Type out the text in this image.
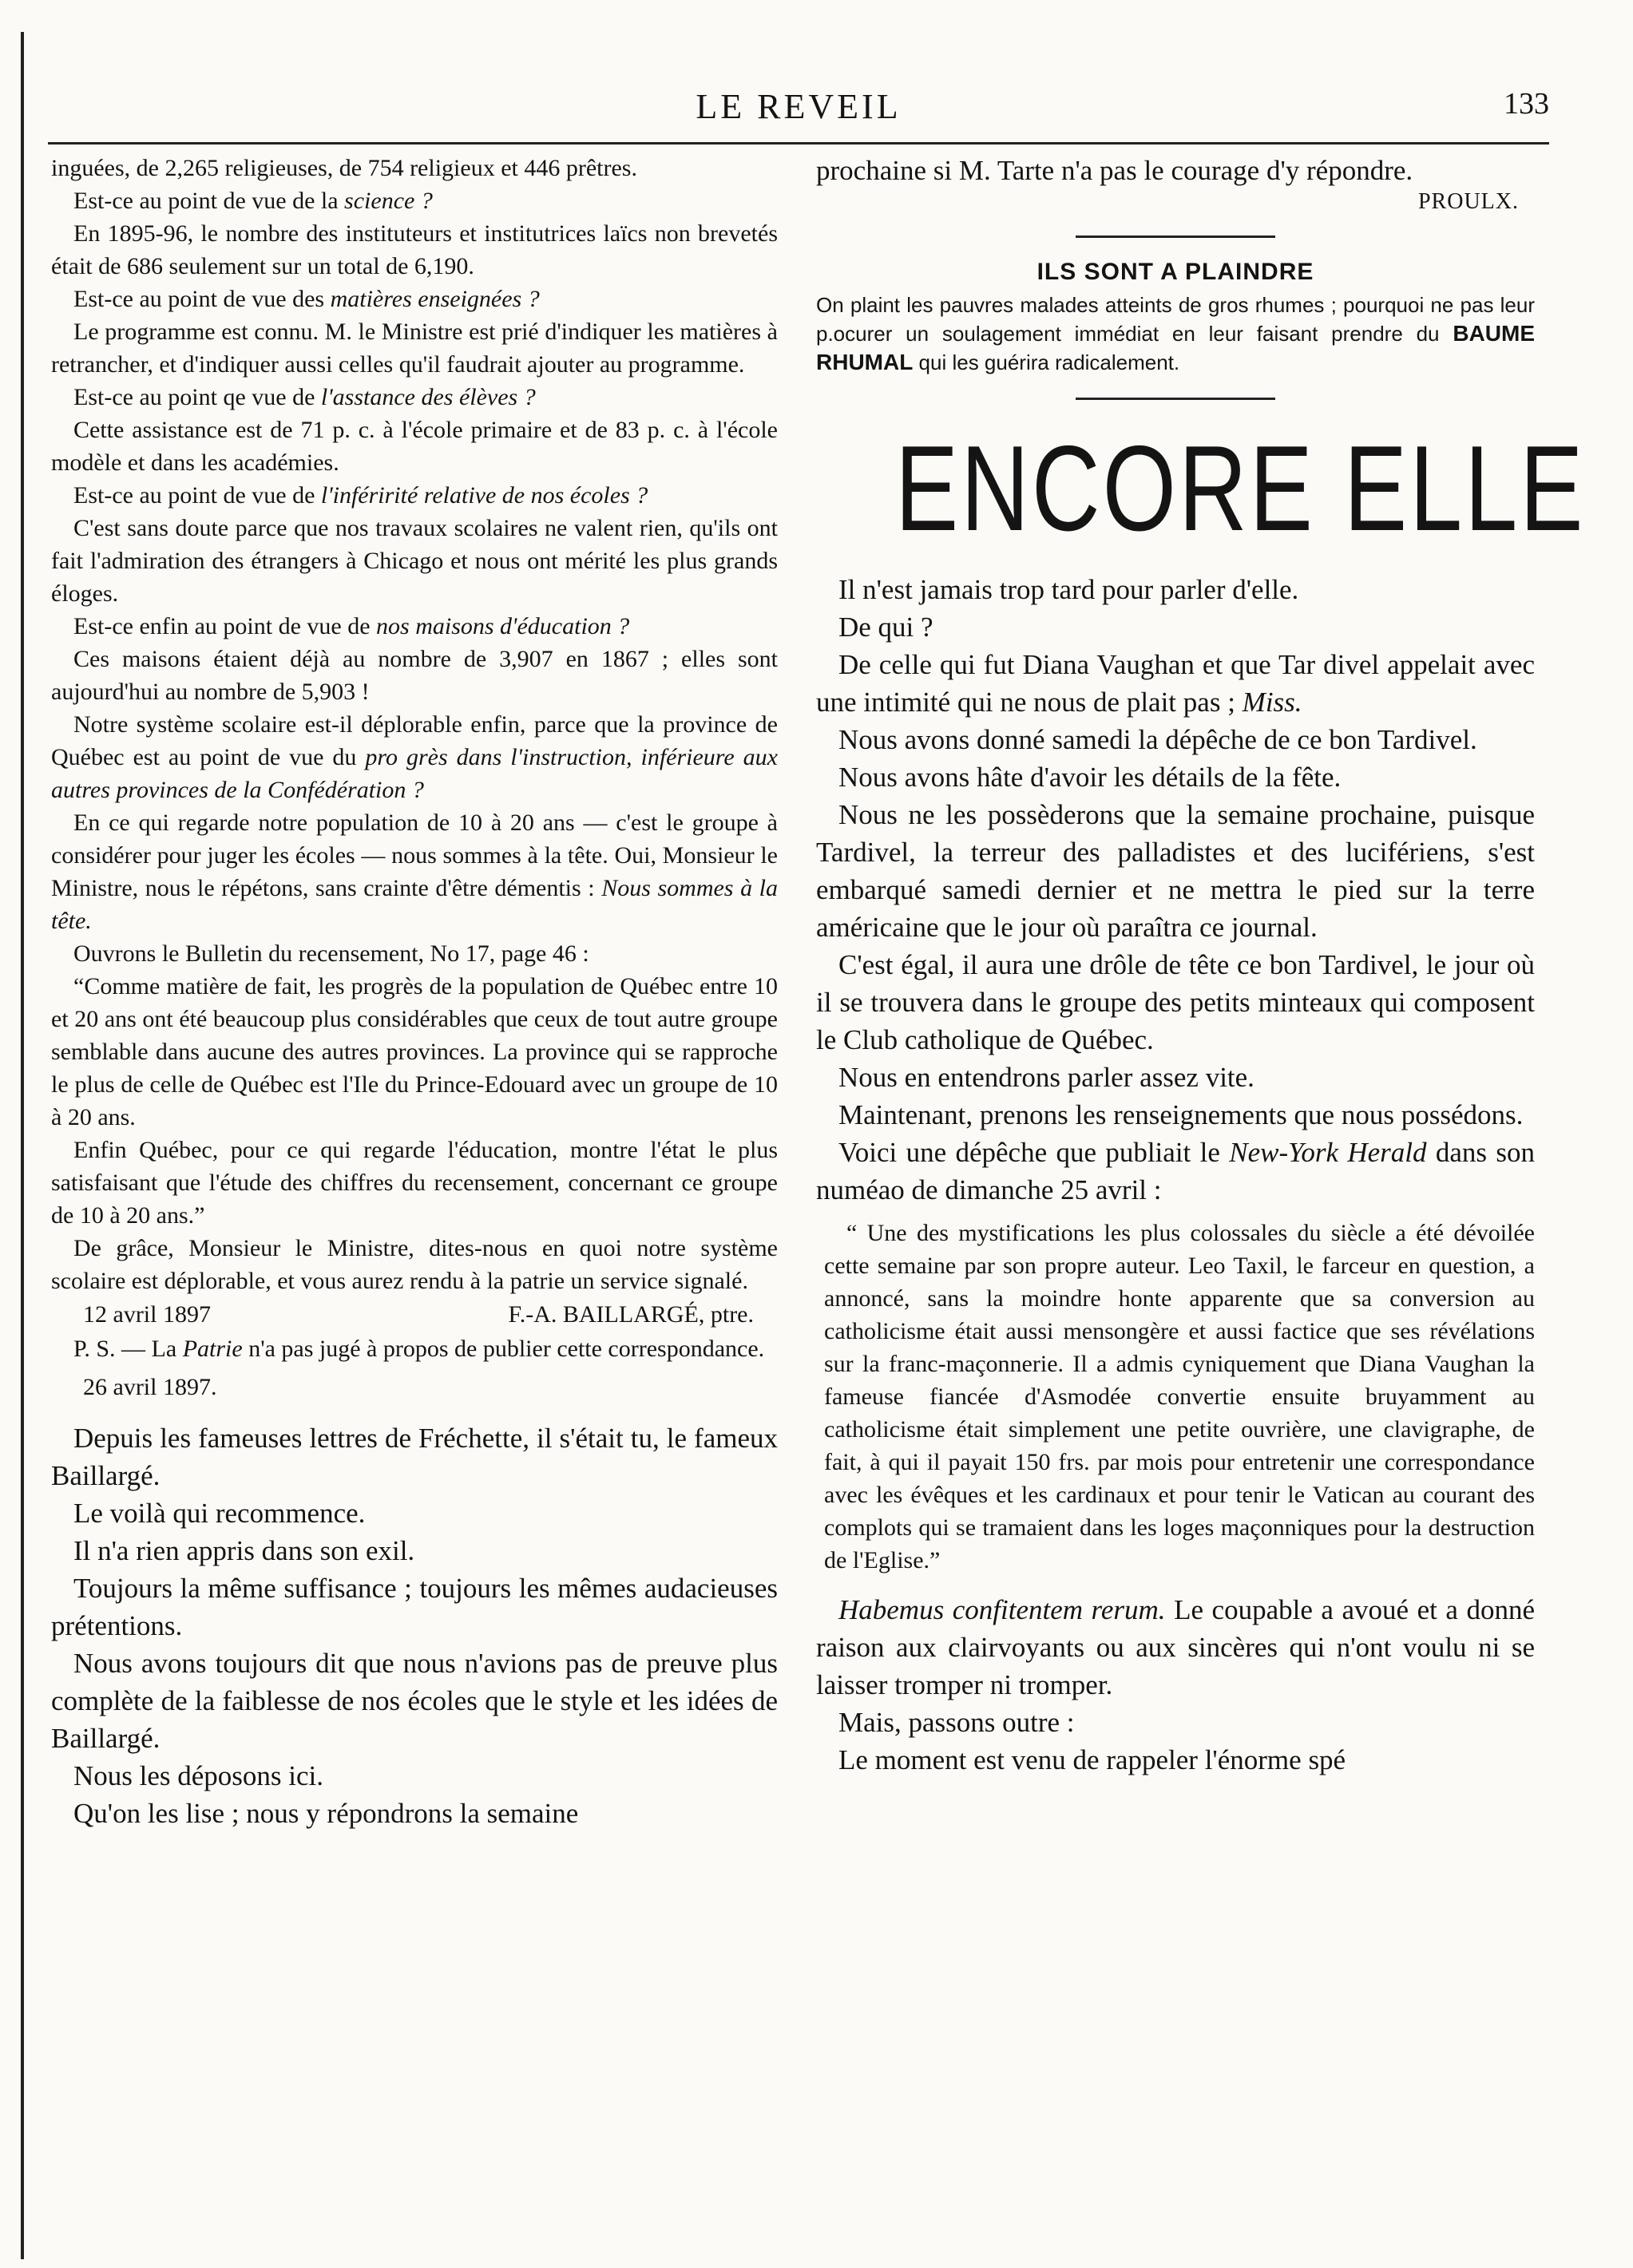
LE REVEIL	133

inguées, de 2,265 religieuses, de 754 religieux et 446 prêtres.

Est-ce au point de vue de la science ?

En 1895-96, le nombre des instituteurs et institutrices laïcs non brevetés était de 686 seulement sur un total de 6,190.

Est-ce au point de vue des matières enseignées ?

Le programme est connu. M. le Ministre est prié d'indiquer les matières à retrancher, et d'indiquer aussi celles qu'il faudrait ajouter au programme.

Est-ce au point qe vue de l'asstance des élèves ?

Cette assistance est de 71 p. c. à l'école primaire et de 83 p. c. à l'école modèle et dans les académies.

Est-ce au point de vue de l'inféririté relative de nos écoles ?

C'est sans doute parce que nos travaux scolaires ne valent rien, qu'ils ont fait l'admiration des étrangers à Chicago et nous ont mérité les plus grands éloges.

Est-ce enfin au point de vue de nos maisons d'éducation ?

Ces maisons étaient déjà au nombre de 3,907 en 1867 ; elles sont aujourd'hui au nombre de 5,903 !

Notre système scolaire est-il déplorable enfin, parce que la province de Québec est au point de vue du pro grès dans l'instruction, inférieure aux autres provinces de la Confédération ?

En ce qui regarde notre population de 10 à 20 ans — c'est le groupe à considérer pour juger les écoles — nous sommes à la tête. Oui, Monsieur le Ministre, nous le répétons, sans crainte d'être démentis : Nous sommes à la tête.

Ouvrons le Bulletin du recensement, No 17, page 46 :

“Comme matière de fait, les progrès de la population de Québec entre 10 et 20 ans ont été beaucoup plus considérables que ceux de tout autre groupe semblable dans aucune des autres provinces. La province qui se rapproche le plus de celle de Québec est l'Ile du Prince-Edouard avec un groupe de 10 à 20 ans.

Enfin Québec, pour ce qui regarde l'éducation, montre l'état le plus satisfaisant que l'étude des chiffres du recensement, concernant ce groupe de 10 à 20 ans.”

De grâce, Monsieur le Ministre, dites-nous en quoi notre système scolaire est déplorable, et vous aurez rendu à la patrie un service signalé.

12 avril 1897	F.-A. BAILLARGÉ, ptre.

P. S. — La Patrie n'a pas jugé à propos de publier cette correspondance.

26 avril 1897.

Depuis les fameuses lettres de Fréchette, il s'était tu, le fameux Baillargé.

Le voilà qui recommence.

Il n'a rien appris dans son exil.

Toujours la même suffisance ; toujours les mêmes audacieuses prétentions.

Nous avons toujours dit que nous n'avions pas de preuve plus complète de la faiblesse de nos écoles que le style et les idées de Baillargé.

Nous les déposons ici.

Qu'on les lise ; nous y répondrons la semaine

prochaine si M. Tarte n'a pas le courage d'y répondre.

PROULX.
ILS SONT A PLAINDRE

On plaint les pauvres malades atteints de gros rhumes ; pourquoi ne pas leur p.ocurer un soulagement immédiat en leur faisant prendre du BAUME RHUMAL qui les guérira radicalement.

ENCORE ELLE

Il n'est jamais trop tard pour parler d'elle.

De qui ?

De celle qui fut Diana Vaughan et que Tar divel appelait avec une intimité qui ne nous de plait pas ; Miss.

Nous avons donné samedi la dépêche de ce bon Tardivel.

Nous avons hâte d'avoir les détails de la fête.

Nous ne les possèderons que la semaine prochaine, puisque Tardivel, la terreur des palladistes et des lucifériens, s'est embarqué samedi dernier et ne mettra le pied sur la terre américaine que le jour où paraîtra ce journal.

C'est égal, il aura une drôle de tête ce bon Tardivel, le jour où il se trouvera dans le groupe des petits minteaux qui composent le Club catholique de Québec.

Nous en entendrons parler assez vite.

Maintenant, prenons les renseignements que nous possédons.

Voici une dépêche que publiait le New-York Herald dans son numéao de dimanche 25 avril :

“ Une des mystifications les plus colossales du siècle a été dévoilée cette semaine par son propre auteur. Leo Taxil, le farceur en question, a annoncé, sans la moindre honte apparente que sa conversion au catholicisme était aussi mensongère et aussi factice que ses révélations sur la franc-maçonnerie. Il a admis cyniquement que Diana Vaughan la fameuse fiancée d'Asmodée convertie ensuite bruyamment au catholicisme était simplement une petite ouvrière, une clavigraphe, de fait, à qui il payait 150 frs. par mois pour entretenir une correspondance avec les évêques et les cardinaux et pour tenir le Vatican au courant des complots qui se tramaient dans les loges maçonniques pour la destruction de l'Eglise.”

Habemus confitentem rerum. Le coupable a avoué et a donné raison aux clairvoyants ou aux sincères qui n'ont voulu ni se laisser tromper ni tromper.

Mais, passons outre :

Le moment est venu de rappeler l'énorme spé
